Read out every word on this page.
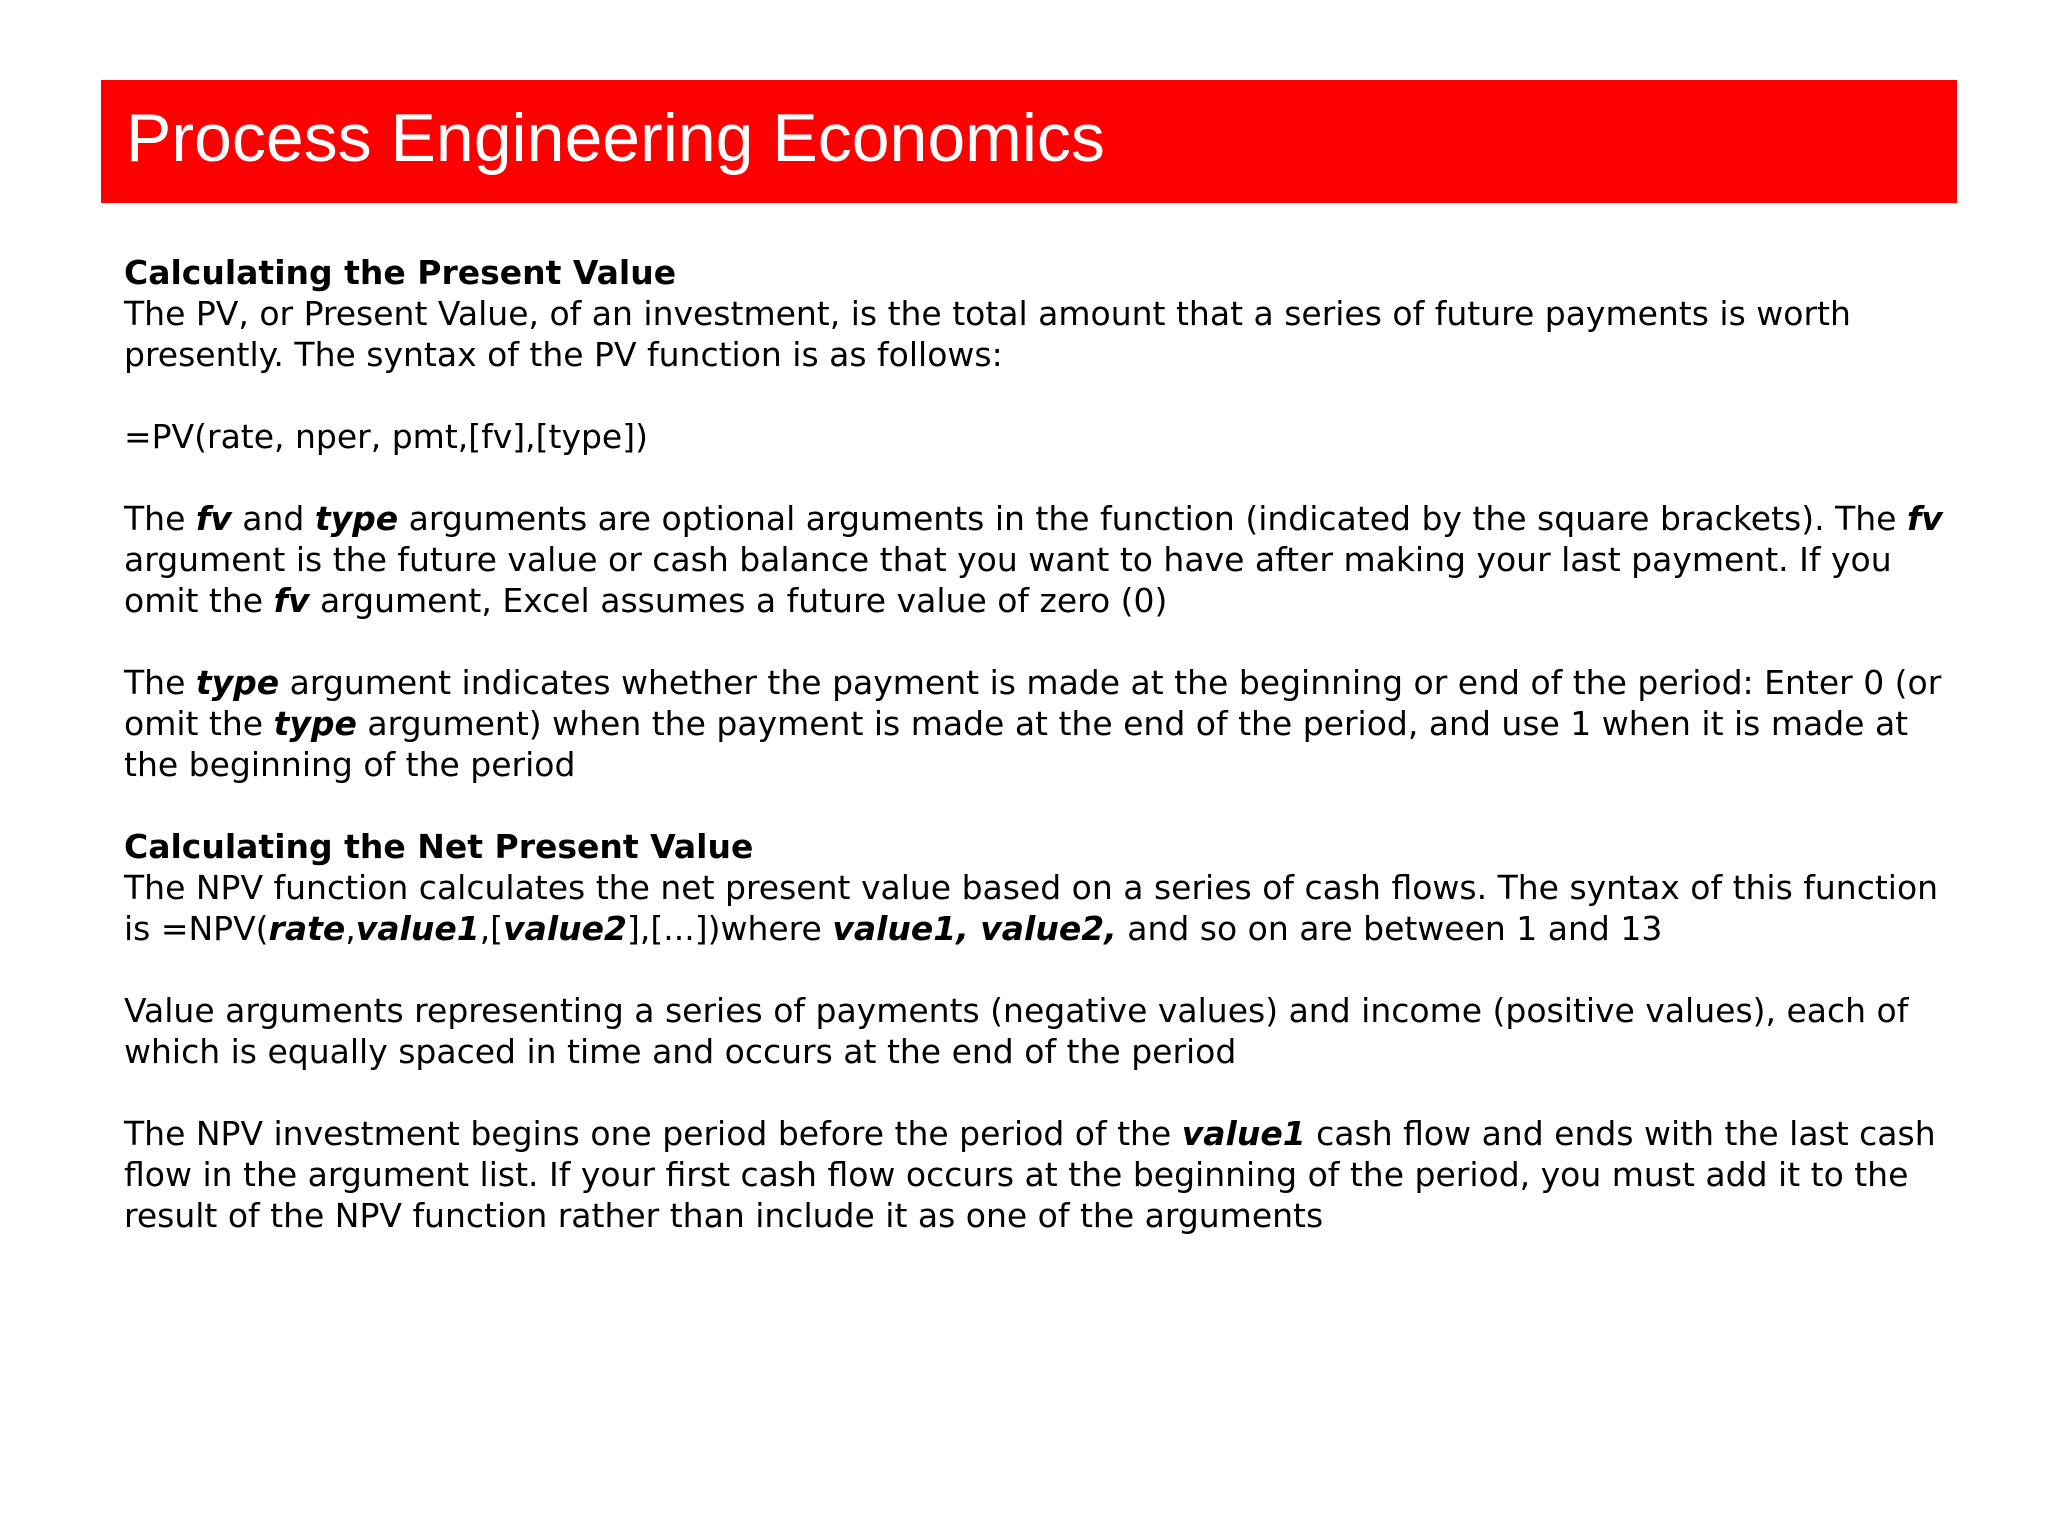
Process Engineering Economics

Calculating the Present Value

The PV, or Present Value, of an investment, is the total amount that a series of future payments is worth presently. The syntax of the PV function is as follows:

=PV(rate, nper, pmt,[fv],[type])

The fv and type arguments are optional arguments in the function (indicated by the square brackets). The fv argument is the future value or cash balance that you want to have after making your last payment. If you omit the fv argument, Excel assumes a future value of zero (0)

The type argument indicates whether the payment is made at the beginning or end of the period: Enter 0 (or omit the type argument) when the payment is made at the end of the period, and use 1 when it is made at the beginning of the period

Calculating the Net Present Value

The NPV function calculates the net present value based on a series of cash flows. The syntax of this function is =NPV(rate,value1,[value2],[...])where value1, value2, and so on are between 1 and 13

Value arguments representing a series of payments (negative values) and income (positive values), each of which is equally spaced in time and occurs at the end of the period

The NPV investment begins one period before the period of the value1 cash flow and ends with the last cash flow in the argument list. If your first cash flow occurs at the beginning of the period, you must add it to the result of the NPV function rather than include it as one of the arguments
